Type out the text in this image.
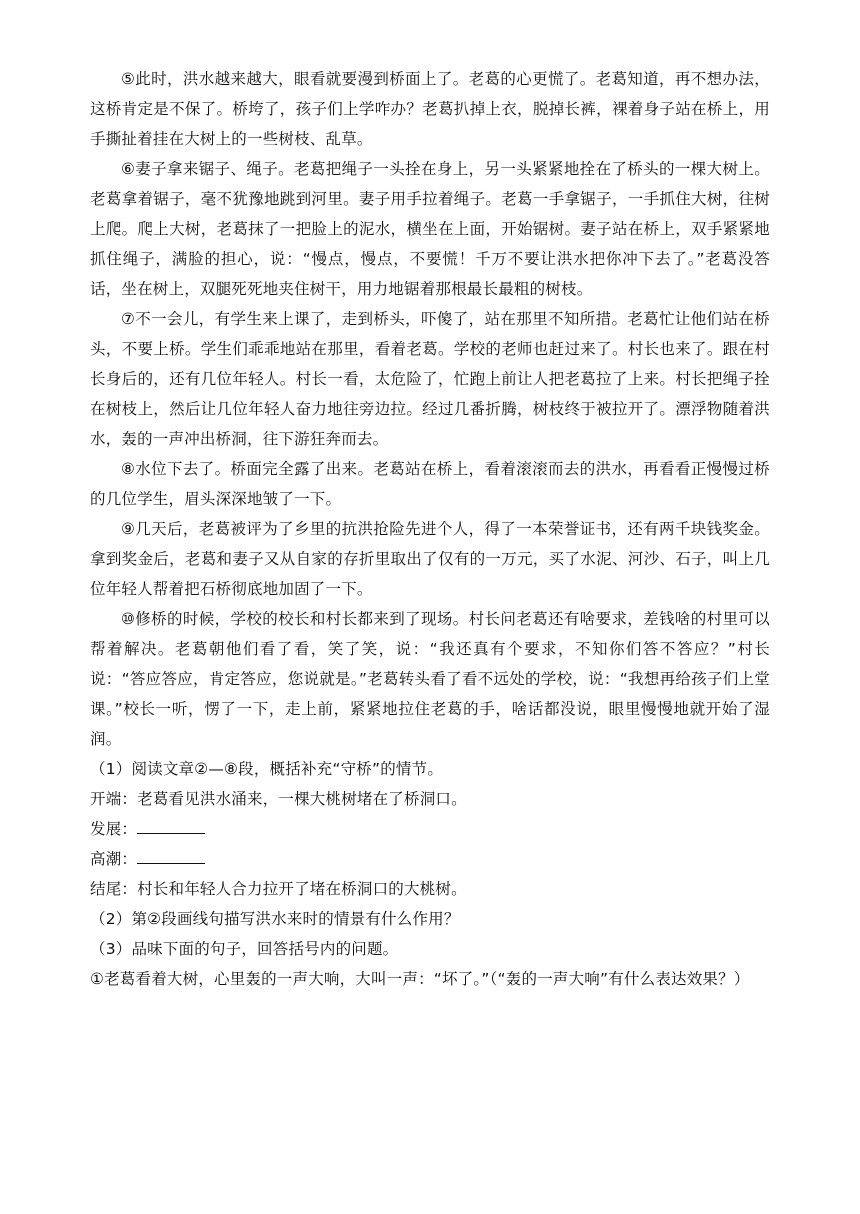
⑤此时，洪水越来越大，眼看就要漫到桥面上了。老葛的心更慌了。老葛知道，再不想办法，这桥肯定是不保了。桥垮了，孩子们上学咋办？老葛扒掉上衣，脱掉长裤，裸着身子站在桥上，用手撕扯着挂在大树上的一些树枝、乱草。

⑥妻子拿来锯子、绳子。老葛把绳子一头拴在身上，另一头紧紧地拴在了桥头的一棵大树上。老葛拿着锯子，毫不犹豫地跳到河里。妻子用手拉着绳子。老葛一手拿锯子，一手抓住大树，往树上爬。爬上大树，老葛抹了一把脸上的泥水，横坐在上面，开始锯树。妻子站在桥上，双手紧紧地抓住绳子，满脸的担心，说：“慢点，慢点，不要慌！千万不要让洪水把你冲下去了。”老葛没答话，坐在树上，双腿死死地夹住树干，用力地锯着那根最长最粗的树枝。

⑦不一会儿，有学生来上课了，走到桥头，吓傻了，站在那里不知所措。老葛忙让他们站在桥头，不要上桥。学生们乖乖地站在那里，看着老葛。学校的老师也赶过来了。村长也来了。跟在村长身后的，还有几位年轻人。村长一看，太危险了，忙跑上前让人把老葛拉了上来。村长把绳子拴在树枝上，然后让几位年轻人奋力地往旁边拉。经过几番折腾，树枝终于被拉开了。漂浮物随着洪水，轰的一声冲出桥洞，往下游狂奔而去。

⑧水位下去了。桥面完全露了出来。老葛站在桥上，看着滚滚而去的洪水，再看看正慢慢过桥的几位学生，眉头深深地皱了一下。

⑨几天后，老葛被评为了乡里的抗洪抢险先进个人，得了一本荣誉证书，还有两千块钱奖金。拿到奖金后，老葛和妻子又从自家的存折里取出了仅有的一万元，买了水泥、河沙、石子，叫上几位年轻人帮着把石桥彻底地加固了一下。

⑩修桥的时候，学校的校长和村长都来到了现场。村长问老葛还有啥要求，差钱啥的村里可以帮着解决。老葛朝他们看了看，笑了笑，说：“我还真有个要求，不知你们答不答应？”村长说：“答应答应，肯定答应，您说就是。”老葛转头看了看不远处的学校，说：“我想再给孩子们上堂课。”校长一听，愣了一下，走上前，紧紧地拉住老葛的手，啥话都没说，眼里慢慢地就开始了湿润。

（1）阅读文章②—⑧段，概括补充“守桥”的情节。

开端：老葛看见洪水涌来，一棵大桃树堵在了桥洞口。

发展：

高潮：

结尾：村长和年轻人合力拉开了堵在桥洞口的大桃树。

（2）第②段画线句描写洪水来时的情景有什么作用？

（3）品味下面的句子，回答括号内的问题。

①老葛看着大树，心里轰的一声大响，大叫一声：“坏了。”（“轰的一声大响”有什么表达效果？）
